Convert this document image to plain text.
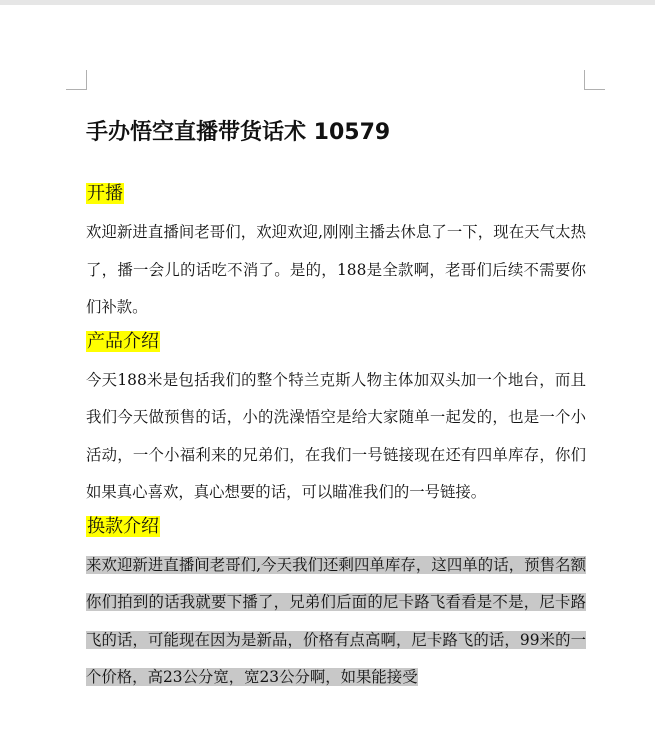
手办悟空直播带货话术 10579
开播

欢迎新进直播间老哥们，欢迎欢迎,刚刚主播去休息了一下，现在天气太热了，播一会儿的话吃不消了。是的，188是全款啊，老哥们后续不需要你们补款。

产品介绍

今天188米是包括我们的整个特兰克斯人物主体加双头加一个地台，而且我们今天做预售的话，小的洗澡悟空是给大家随单一起发的，也是一个小活动，一个小福利来的兄弟们，在我们一号链接现在还有四单库存，你们如果真心喜欢，真心想要的话，可以瞄准我们的一号链接。

换款介绍

来欢迎新进直播间老哥们,今天我们还剩四单库存，这四单的话，预售名额你们拍到的话我就要下播了，兄弟们后面的尼卡路飞看看是不是，尼卡路飞的话，可能现在因为是新品，价格有点高啊，尼卡路飞的话，99米的一个价格，高23公分宽，宽23公分啊，如果能接受
